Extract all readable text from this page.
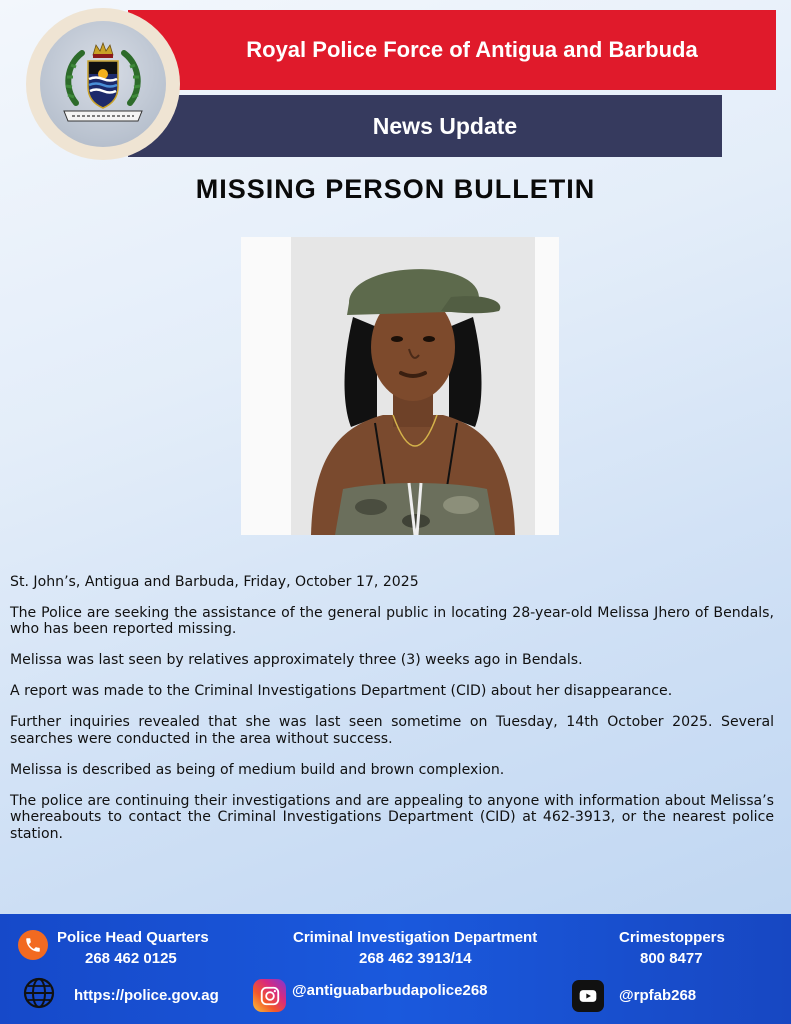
Royal Police Force of Antigua and Barbuda
News Update
MISSING PERSON BULLETIN

St. John’s, Antigua and Barbuda, Friday, October 17, 2025

The Police are seeking the assistance of the general public in locating 28-year-old Melissa Jhero of Bendals, who has been reported missing.

Melissa was last seen by relatives approximately three (3) weeks ago in Bendals.

A report was made to the Criminal Investigations Department (CID) about her disappearance.

Further inquiries revealed that she was last seen sometime on Tuesday, 14th October 2025. Several searches were conducted in the area without success.

Melissa is described as being of medium build and brown complexion.

The police are continuing their investigations and are appealing to anyone with information about Melissa’s whereabouts to contact the Criminal Investigations Department (CID) at 462-3913, or the nearest police station.

Police Head Quarters
268 462 0125
Criminal Investigation Department
268 462 3913/14
Crimestoppers
800 8477
https://police.gov.ag	@antiguabarbudapolice268	@rpfab268
